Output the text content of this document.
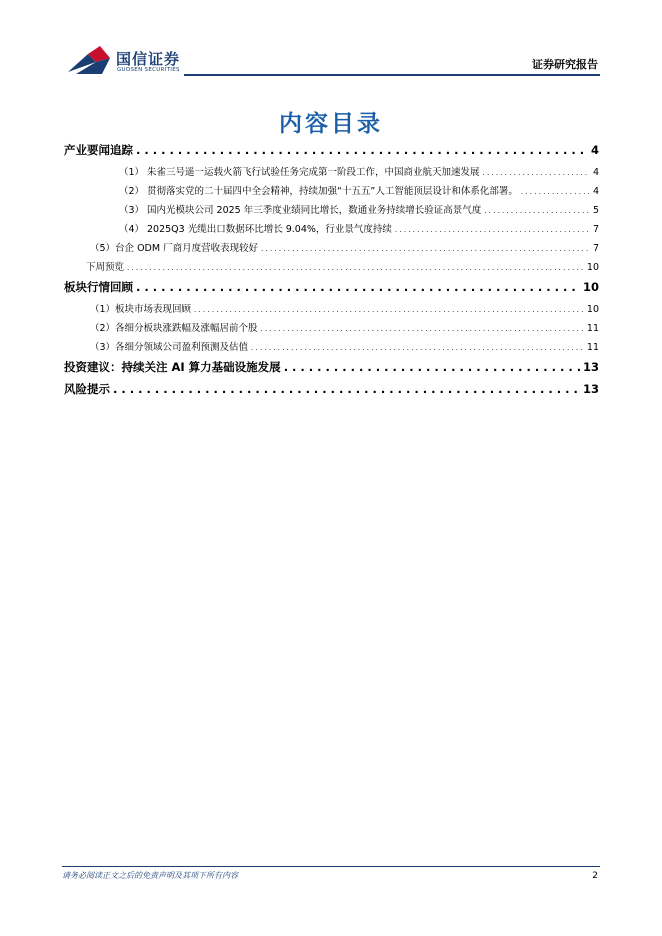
国信证券
GUOSEN SECURITIES	证券研究报告
内容目录
产业要闻追踪 . . .	4
（1） 朱雀三号遥一运载火箭飞行试验任务完成第一阶段工作，中国商业航天加速发展 . . .	4
（2） 贯彻落实党的二十届四中全会精神，持续加强“十五五”人工智能顶层设计和体系化部署。 . . .	4
（3） 国内光模块公司 2025 年三季度业绩同比增长，数通业务持续增长验证高景气度 . . .	5
（4） 2025Q3 光缆出口数据环比增长 9.04%，行业景气度持续 . . .	7
（5）台企 ODM 厂商月度营收表现较好 . . .	7
下周预览 . . .	10
板块行情回顾 . . .	10
（1）板块市场表现回顾 . . .	10
（2）各细分板块涨跌幅及涨幅居前个股 . . .	11
（3）各细分领域公司盈利预测及估值 . . .	11
投资建议：持续关注 AI 算力基础设施发展 . . .	13
风险提示 . . .	13
请务必阅读正文之后的免责声明及其项下所有内容	2
